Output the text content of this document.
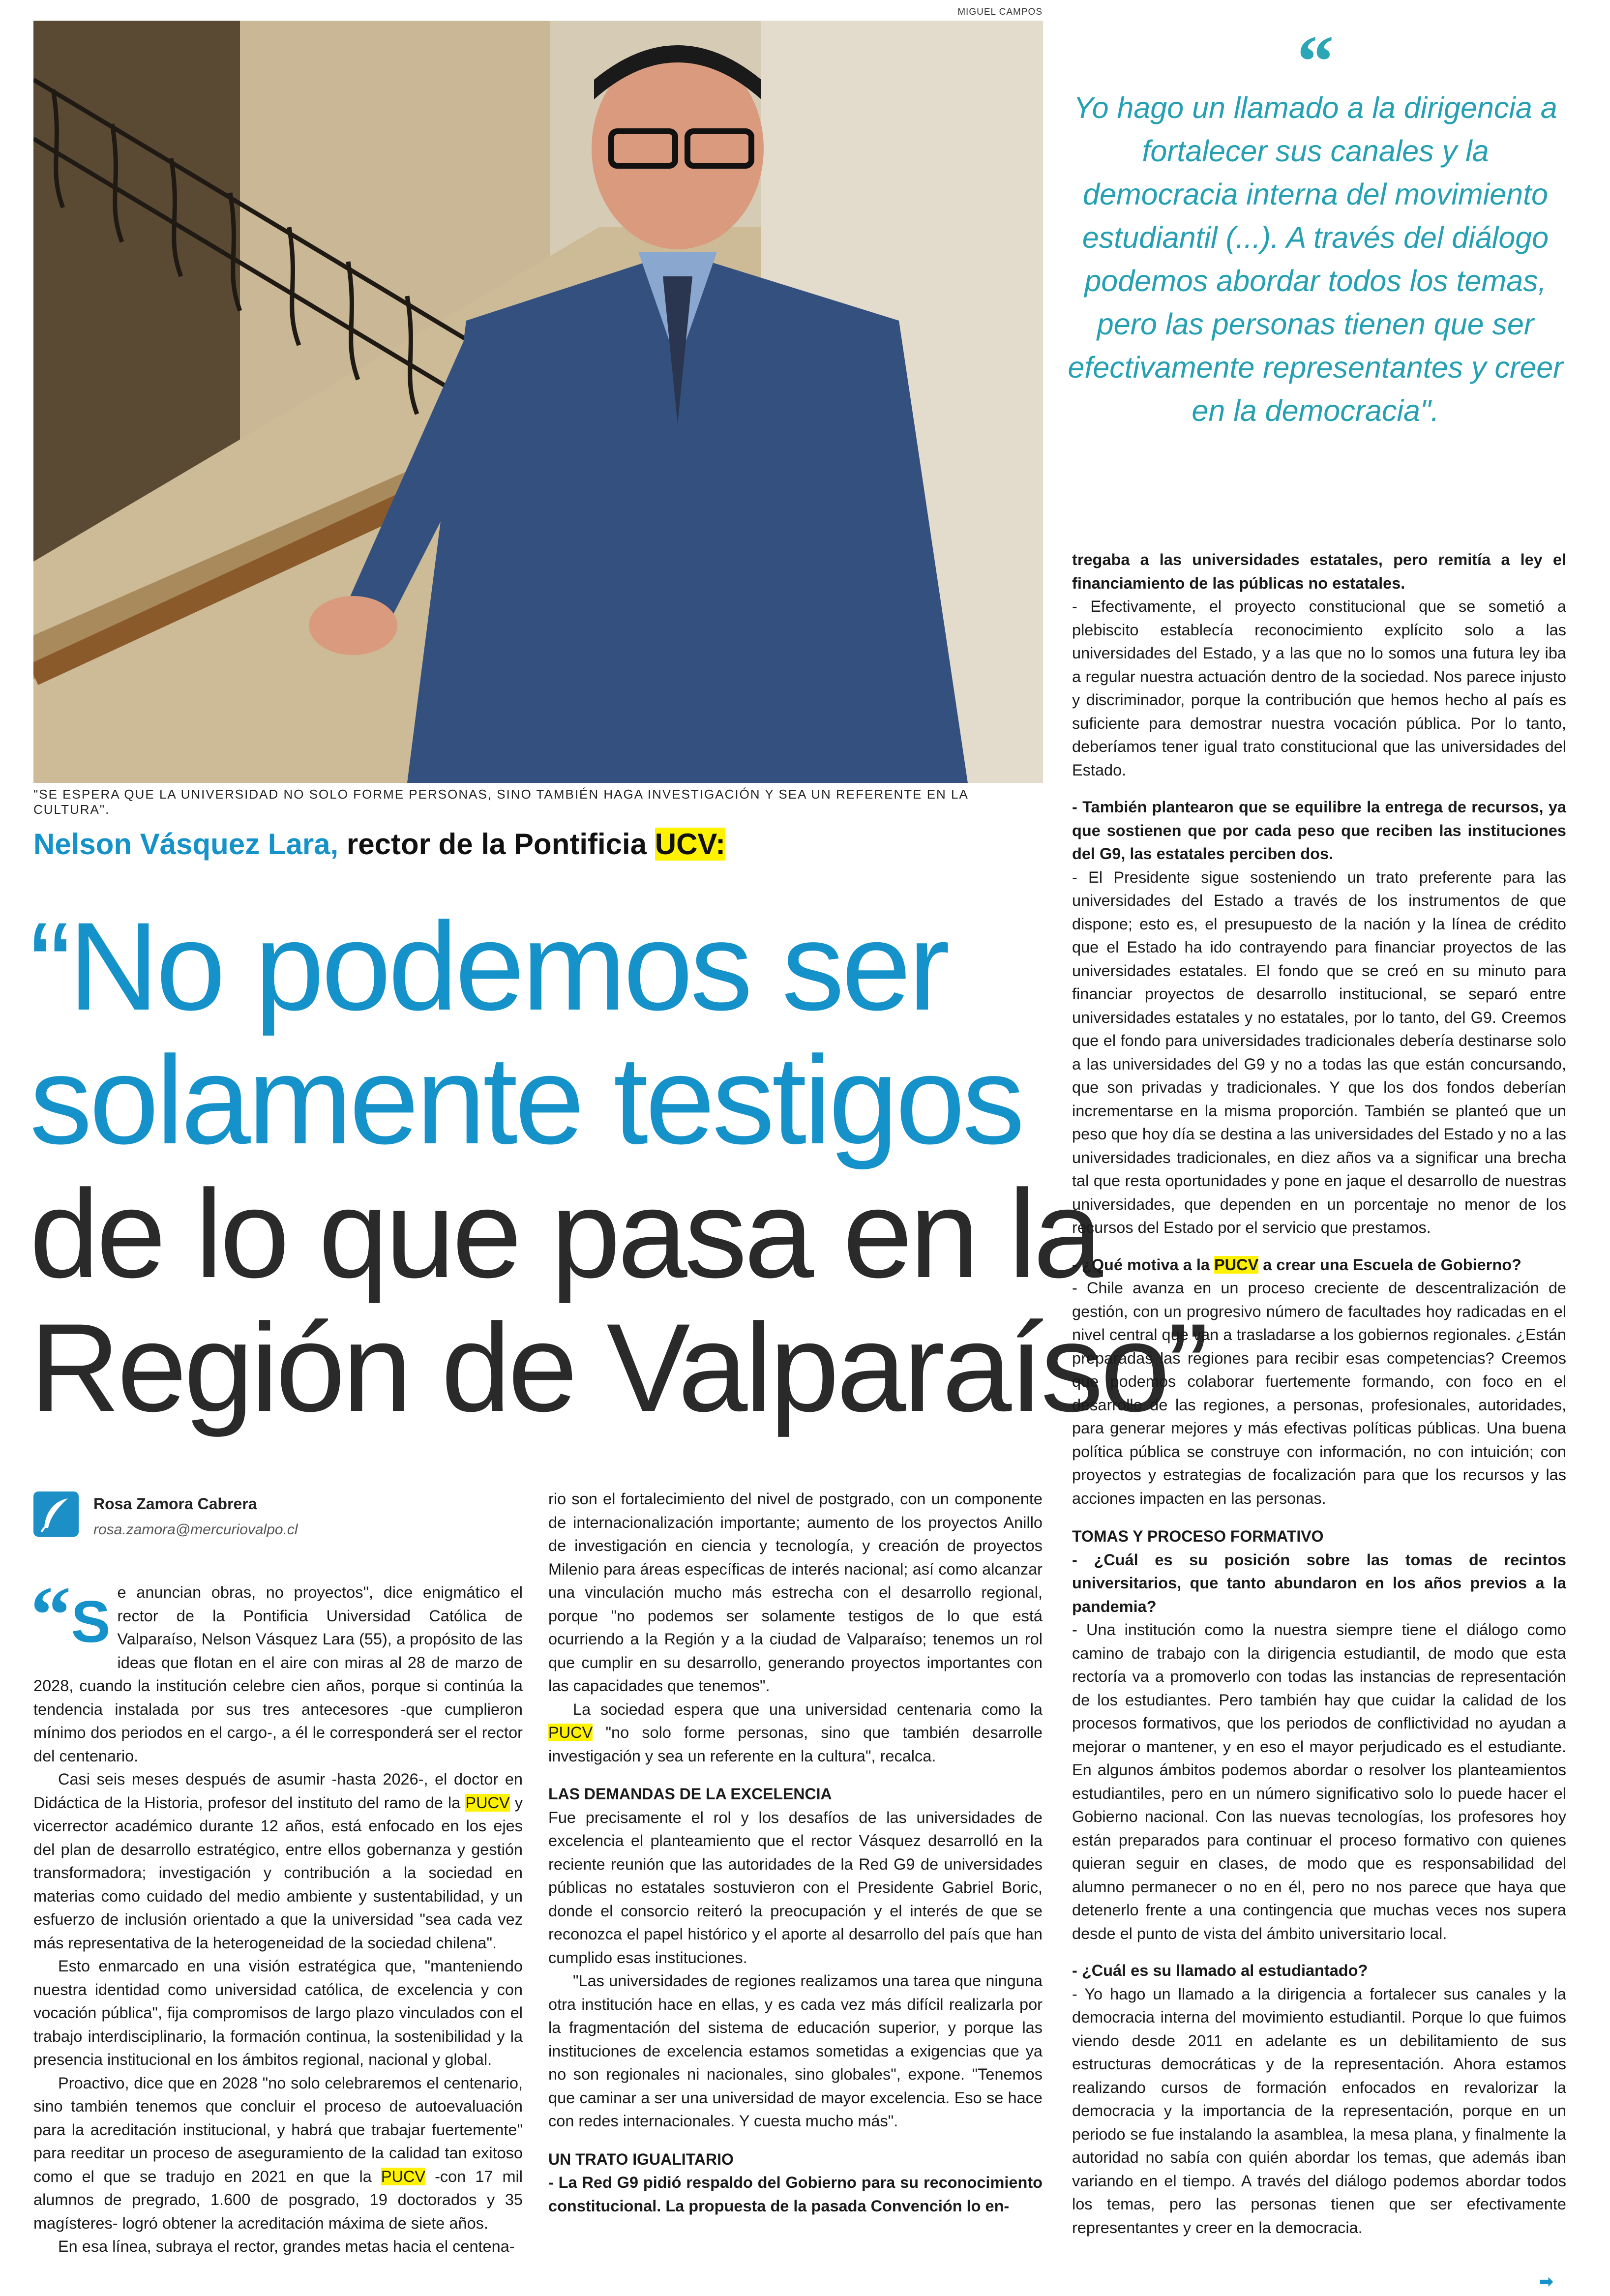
MIGUEL CAMPOS
"SE ESPERA QUE LA UNIVERSIDAD NO SOLO FORME PERSONAS, SINO TAMBIÉN HAGA INVESTIGACIÓN Y SEA UN REFERENTE EN LA CULTURA".
“
Yo hago un llamado a la dirigencia a fortalecer sus canales y la democracia interna del movimiento estudiantil (...). A través del diálogo podemos abordar todos los temas, pero las personas tienen que ser efectivamente representantes y creer en la democracia".
Nelson Vásquez Lara, rector de la Pontificia UCV:
“No podemos ser
solamente testigos
de lo que pasa en la
Región de Valparaíso”
Rosa Zamora Cabrera
rosa.zamora@mercuriovalpo.cl

“S e anuncian obras, no proyectos", dice enigmático el rector de la Pontificia Universidad Católica de Valparaíso, Nelson Vásquez Lara (55), a propósito de las ideas que flotan en el aire con miras al 28 de marzo de 2028, cuando la institución celebre cien años, porque si continúa la tendencia instalada por sus tres antecesores -que cumplieron mínimo dos periodos en el cargo-, a él le corresponderá ser el rector del centenario.

Casi seis meses después de asumir -hasta 2026-, el doctor en Didáctica de la Historia, profesor del instituto del ramo de la PUCV y vicerrector académico durante 12 años, está enfocado en los ejes del plan de desarrollo estratégico, entre ellos gobernanza y gestión transformadora; investigación y contribución a la sociedad en materias como cuidado del medio ambiente y sustentabilidad, y un esfuerzo de inclusión orientado a que la universidad "sea cada vez más representativa de la heterogeneidad de la sociedad chilena".

Esto enmarcado en una visión estratégica que, "manteniendo nuestra identidad como universidad católica, de excelencia y con vocación pública", fija compromisos de largo plazo vinculados con el trabajo interdisciplinario, la formación continua, la sostenibilidad y la presencia institucional en los ámbitos regional, nacional y global.

Proactivo, dice que en 2028 "no solo celebraremos el centenario, sino también tenemos que concluir el proceso de autoevaluación para la acreditación institucional, y habrá que trabajar fuertemente" para reeditar un proceso de aseguramiento de la calidad tan exitoso como el que se tradujo en 2021 en que la PUCV -con 17 mil alumnos de pregrado, 1.600 de posgrado, 19 doctorados y 35 magísteres- logró obtener la acreditación máxima de siete años.

En esa línea, subraya el rector, grandes metas hacia el centena-

rio son el fortalecimiento del nivel de postgrado, con un componente de internacionalización importante; aumento de los proyectos Anillo de investigación en ciencia y tecnología, y creación de proyectos Milenio para áreas específicas de interés nacional; así como alcanzar una vinculación mucho más estrecha con el desarrollo regional, porque "no podemos ser solamente testigos de lo que está ocurriendo a la Región y a la ciudad de Valparaíso; tenemos un rol que cumplir en su desarrollo, generando proyectos importantes con las capacidades que tenemos".

La sociedad espera que una universidad centenaria como la PUCV "no solo forme personas, sino que también desarrolle investigación y sea un referente en la cultura", recalca.

LAS DEMANDAS DE LA EXCELENCIA

Fue precisamente el rol y los desafíos de las universidades de excelencia el planteamiento que el rector Vásquez desarrolló en la reciente reunión que las autoridades de la Red G9 de universidades públicas no estatales sostuvieron con el Presidente Gabriel Boric, donde el consorcio reiteró la preocupación y el interés de que se reconozca el papel histórico y el aporte al desarrollo del país que han cumplido esas instituciones.

"Las universidades de regiones realizamos una tarea que ninguna otra institución hace en ellas, y es cada vez más difícil realizarla por la fragmentación del sistema de educación superior, y porque las instituciones de excelencia estamos sometidas a exigencias que ya no son regionales ni nacionales, sino globales", expone. "Tenemos que caminar a ser una universidad de mayor excelencia. Eso se hace con redes internacionales. Y cuesta mucho más".

UN TRATO IGUALITARIO

- La Red G9 pidió respaldo del Gobierno para su reconocimiento constitucional. La propuesta de la pasada Convención lo en-

tregaba a las universidades estatales, pero remitía a ley el financiamiento de las públicas no estatales.

- Efectivamente, el proyecto constitucional que se sometió a plebiscito establecía reconocimiento explícito solo a las universidades del Estado, y a las que no lo somos una futura ley iba a regular nuestra actuación dentro de la sociedad. Nos parece injusto y discriminador, porque la contribución que hemos hecho al país es suficiente para demostrar nuestra vocación pública. Por lo tanto, deberíamos tener igual trato constitucional que las universidades del Estado.

- También plantearon que se equilibre la entrega de recursos, ya que sostienen que por cada peso que reciben las instituciones del G9, las estatales perciben dos.

- El Presidente sigue sosteniendo un trato preferente para las universidades del Estado a través de los instrumentos de que dispone; esto es, el presupuesto de la nación y la línea de crédito que el Estado ha ido contrayendo para financiar proyectos de las universidades estatales. El fondo que se creó en su minuto para financiar proyectos de desarrollo institucional, se separó entre universidades estatales y no estatales, por lo tanto, del G9. Creemos que el fondo para universidades tradicionales debería destinarse solo a las universidades del G9 y no a todas las que están concursando, que son privadas y tradicionales. Y que los dos fondos deberían incrementarse en la misma proporción. También se planteó que un peso que hoy día se destina a las universidades del Estado y no a las universidades tradicionales, en diez años va a significar una brecha tal que resta oportunidades y pone en jaque el desarrollo de nuestras universidades, que dependen en un porcentaje no menor de los recursos del Estado por el servicio que prestamos.

- ¿Qué motiva a la PUCV a crear una Escuela de Gobierno?

- Chile avanza en un proceso creciente de descentralización de gestión, con un progresivo número de facultades hoy radicadas en el nivel central que van a trasladarse a los gobiernos regionales. ¿Están preparadas las regiones para recibir esas competencias? Creemos que podemos colaborar fuertemente formando, con foco en el desarrollo de las regiones, a personas, profesionales, autoridades, para generar mejores y más efectivas políticas públicas. Una buena política pública se construye con información, no con intuición; con proyectos y estrategias de focalización para que los recursos y las acciones impacten en las personas.

TOMAS Y PROCESO FORMATIVO

- ¿Cuál es su posición sobre las tomas de recintos universitarios, que tanto abundaron en los años previos a la pandemia?

- Una institución como la nuestra siempre tiene el diálogo como camino de trabajo con la dirigencia estudiantil, de modo que esta rectoría va a promoverlo con todas las instancias de representación de los estudiantes. Pero también hay que cuidar la calidad de los procesos formativos, que los periodos de conflictividad no ayudan a mejorar o mantener, y en eso el mayor perjudicado es el estudiante. En algunos ámbitos podemos abordar o resolver los planteamientos estudiantiles, pero en un número significativo solo lo puede hacer el Gobierno nacional. Con las nuevas tecnologías, los profesores hoy están preparados para continuar el proceso formativo con quienes quieran seguir en clases, de modo que es responsabilidad del alumno permanecer o no en él, pero no nos parece que haya que detenerlo frente a una contingencia que muchas veces nos supera desde el punto de vista del ámbito universitario local.

- ¿Cuál es su llamado al estudiantado?

- Yo hago un llamado a la dirigencia a fortalecer sus canales y la democracia interna del movimiento estudiantil. Porque lo que fuimos viendo desde 2011 en adelante es un debilitamiento de sus estructuras democráticas y de la representación. Ahora estamos realizando cursos de formación enfocados en revalorizar la democracia y la importancia de la representación, porque en un periodo se fue instalando la asamblea, la mesa plana, y finalmente la autoridad no sabía con quién abordar los temas, que además iban variando en el tiempo. A través del diálogo podemos abordar todos los temas, pero las personas tienen que ser efectivamente representantes y creer en la democracia.

➡
